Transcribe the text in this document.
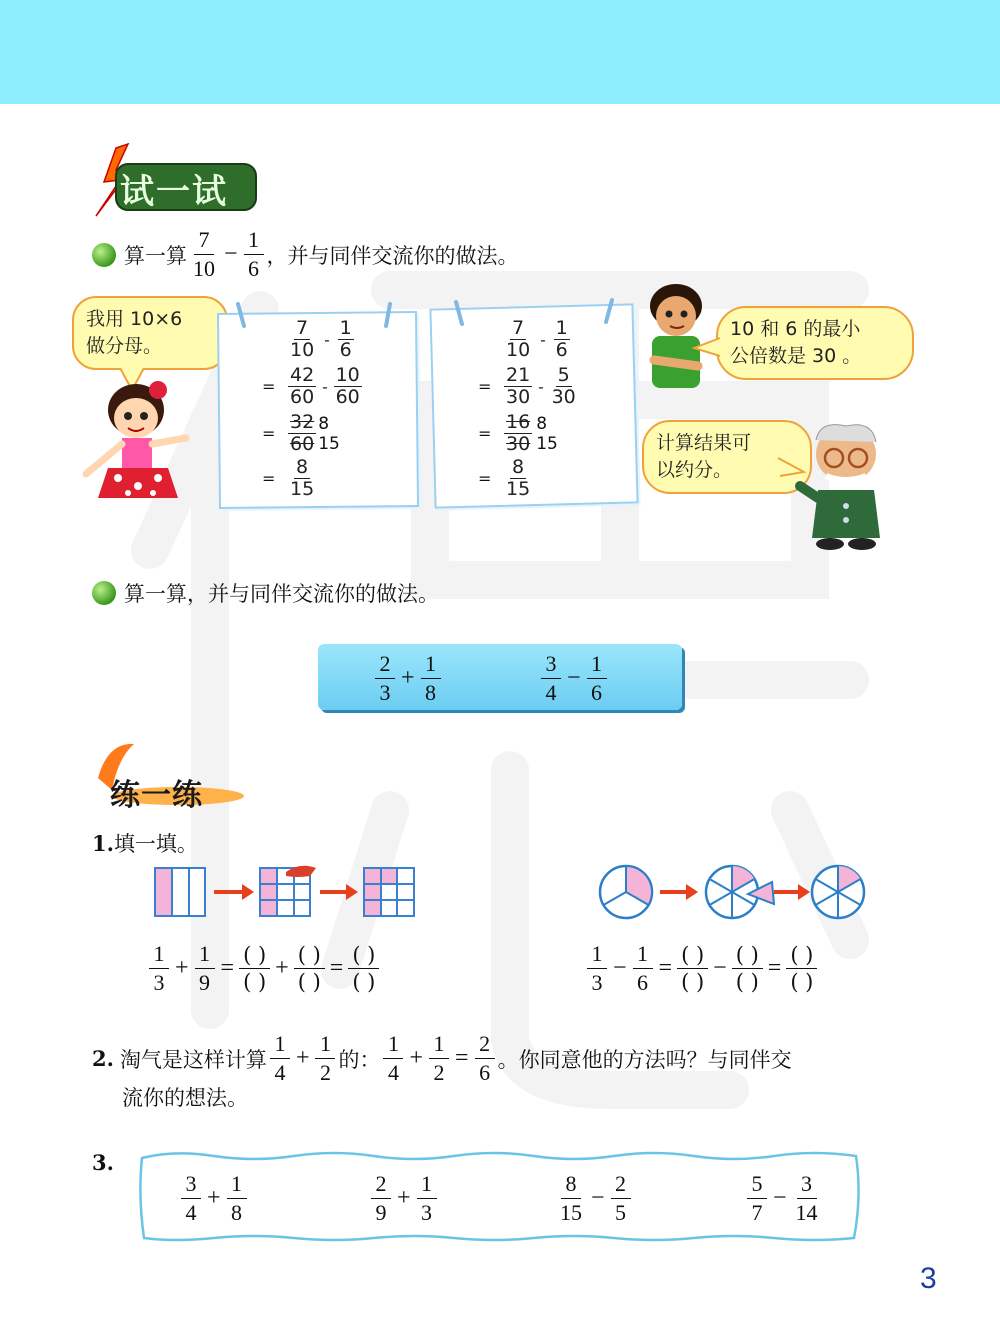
试一试
算一算 $\frac{7}{10} - \frac{1}{6}$ ，并与同伴交流你的做法。
我用 10×6
做分母。
7
10 -
1
6
= $\frac{42}{60}$ -
10
60
= $\frac{32}{60} 8$
15
= $\frac{8}{15}$
7
10 -
1
6
= $\frac{21}{30}$ -
5
30
= $\frac{16}{30} 8$
15
= $\frac{8}{15}$
10 和 6 的最小
公倍数是 30 。
计算结果可
以约分。
算一算，并与同伴交流你的做法。
$\frac{2}{3} + \frac{1}{8}$	$\frac{3}{4} - \frac{1}{6}$
练一练
1.填一填。
$\frac{1}{3} + \frac{1}{9}$ = ( )
( )
+ ( )
( )
= ( )
( )	$\frac{1}{3} - \frac{1}{6}$ = ( )
( )
− ( )
( )
= ( )
( )
2. 淘气是这样计算 $\frac{1}{4} + \frac{1}{2}$ 的： $\frac{1}{4} + \frac{1}{2} = \frac{2}{6}$ 。你同意他的方法吗？与同伴交
流你的想法。
3.
$\frac{3}{4} + \frac{1}{8}$	$\frac{2}{9} + \frac{1}{3}$	$\frac{8}{15} - \frac{2}{5}$	$\frac{5}{7} - \frac{3}{14}$
3
